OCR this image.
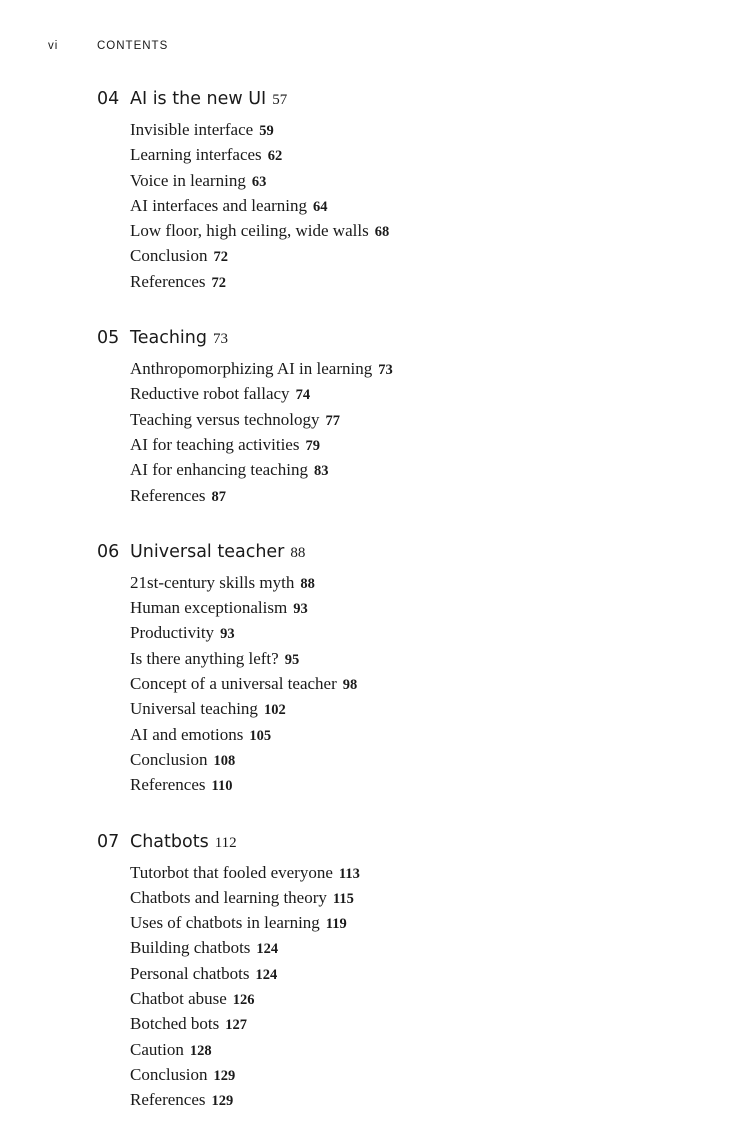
vi	CONTENTS
04 AI is the new UI 57
Invisible interface 59
Learning interfaces 62
Voice in learning 63
AI interfaces and learning 64
Low floor, high ceiling, wide walls 68
Conclusion 72
References 72
05 Teaching 73
Anthropomorphizing AI in learning 73
Reductive robot fallacy 74
Teaching versus technology 77
AI for teaching activities 79
AI for enhancing teaching 83
References 87
06 Universal teacher 88
21st-century skills myth 88
Human exceptionalism 93
Productivity 93
Is there anything left? 95
Concept of a universal teacher 98
Universal teaching 102
AI and emotions 105
Conclusion 108
References 110
07 Chatbots 112
Tutorbot that fooled everyone 113
Chatbots and learning theory 115
Uses of chatbots in learning 119
Building chatbots 124
Personal chatbots 124
Chatbot abuse 126
Botched bots 127
Caution 128
Conclusion 129
References 129
